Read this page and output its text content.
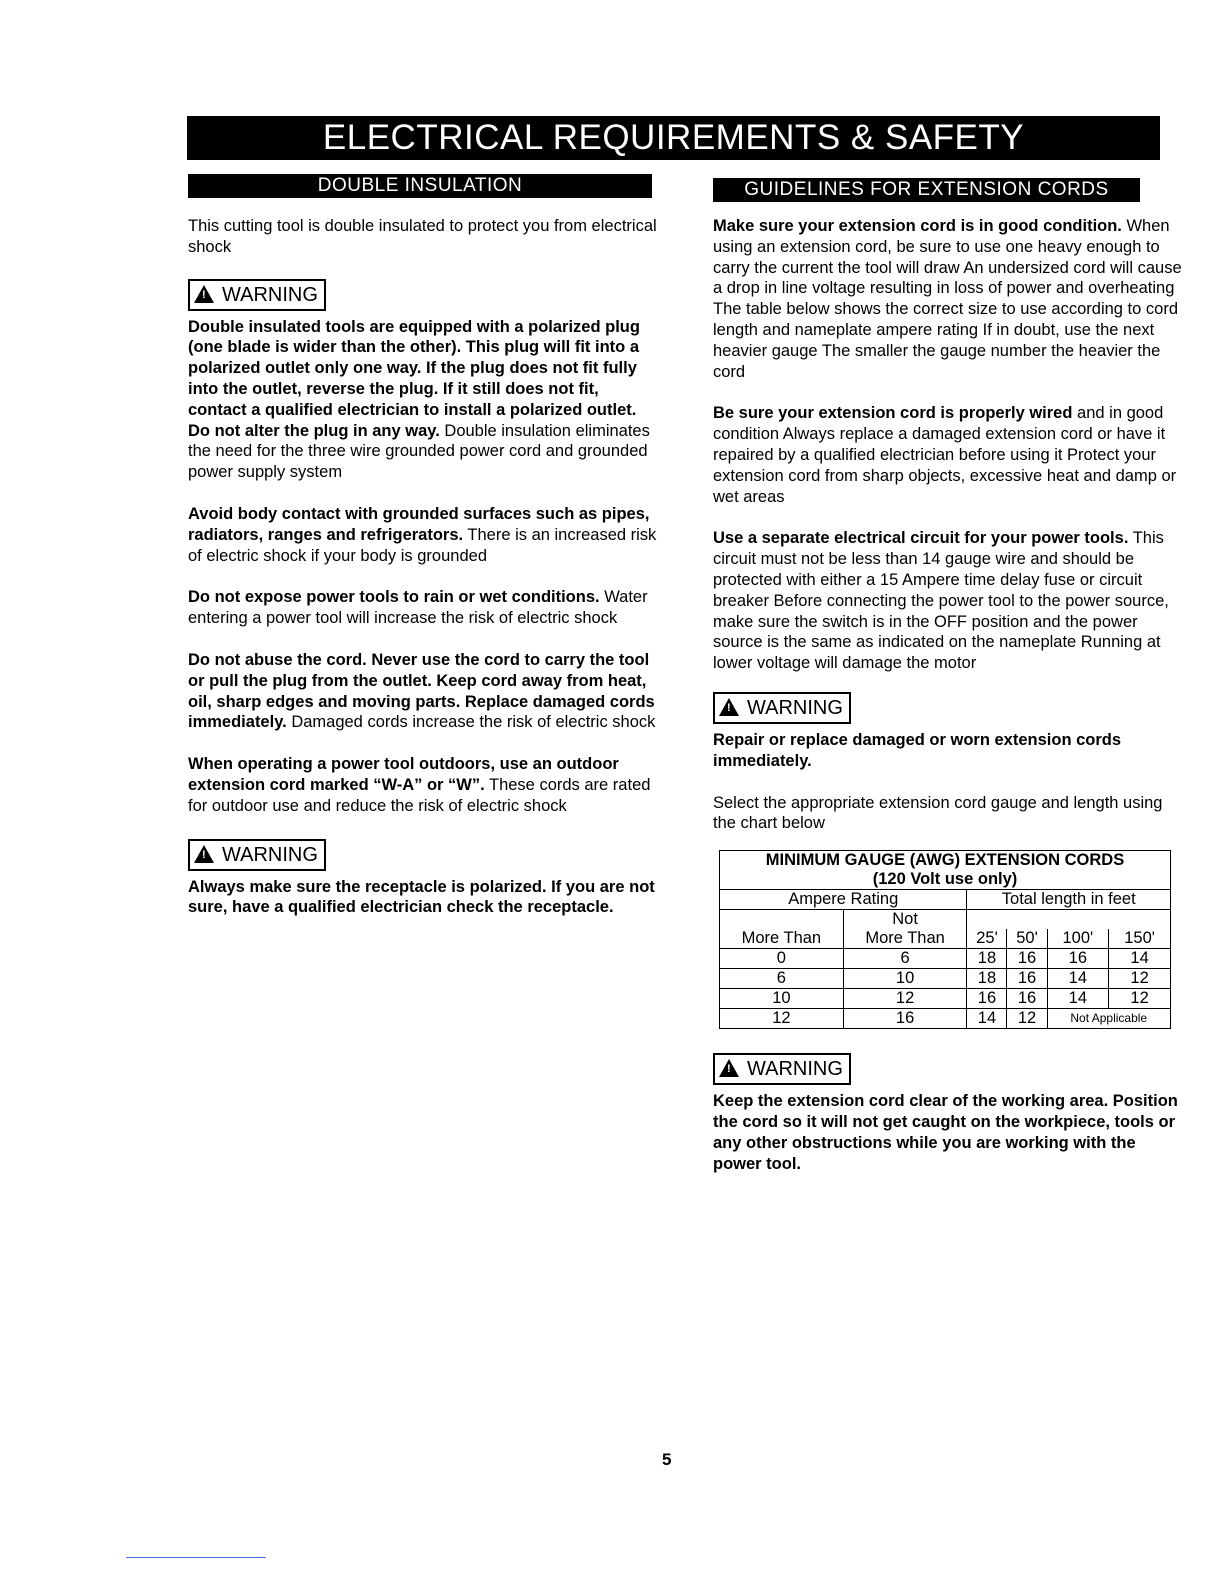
ELECTRICAL REQUIREMENTS & SAFETY
DOUBLE INSULATION	GUIDELINES FOR EXTENSION CORDS

This cutting tool is double insulated to protect you from electrical shock

!WARNING

Double insulated tools are equipped with a polarized plug (one blade is wider than the other). This plug will fit into a polarized outlet only one way. If the plug does not fit fully into the outlet, reverse the plug. If it still does not fit, contact a qualified electrician to install a polarized outlet. Do not alter the plug in any way. Double insulation eliminates the need for the three wire grounded power cord and grounded power supply system

Avoid body contact with grounded surfaces such as pipes, radiators, ranges and refrigerators. There is an increased risk of electric shock if your body is grounded

Do not expose power tools to rain or wet conditions. Water entering a power tool will increase the risk of electric shock

Do not abuse the cord. Never use the cord to carry the tool or pull the plug from the outlet. Keep cord away from heat, oil, sharp edges and moving parts. Replace damaged cords immediately. Damaged cords increase the risk of electric shock

When operating a power tool outdoors, use an outdoor extension cord marked “W-A” or “W”. These cords are rated for outdoor use and reduce the risk of electric shock

!WARNING

Always make sure the receptacle is polarized. If you are not sure, have a qualified electrician check the receptacle.

Make sure your extension cord is in good condition. When using an extension cord, be sure to use one heavy enough to carry the current the tool will draw An undersized cord will cause a drop in line voltage resulting in loss of power and overheating The table below shows the correct size to use according to cord length and nameplate ampere rating If in doubt, use the next heavier gauge The smaller the gauge number the heavier the cord

Be sure your extension cord is properly wired and in good condition Always replace a damaged extension cord or have it repaired by a qualified electrician before using it Protect your extension cord from sharp objects, excessive heat and damp or wet areas

Use a separate electrical circuit for your power tools. This circuit must not be less than 14 gauge wire and should be protected with either a 15 Ampere time delay fuse or circuit breaker Before connecting the power tool to the power source, make sure the switch is in the OFF position and the power source is the same as indicated on the nameplate Running at lower voltage will damage the motor

!WARNING

Repair or replace damaged or worn extension cords immediately.

Select the appropriate extension cord gauge and length using the chart below

MINIMUM GAUGE (AWG) EXTENSION CORDS					
(120 Volt use only)					
Ampere Rating		Total length in feet			
	Not				
More Than	More Than	25'	50'	100'	150'
0	6	18	16	16	14
6	10	18	16	14	12
10	12	16	16	14	12
12	16	14	12	Not Applicable	
!WARNING

Keep the extension cord clear of the working area. Position the cord so it will not get caught on the workpiece, tools or any other obstructions while you are working with the power tool.

5
